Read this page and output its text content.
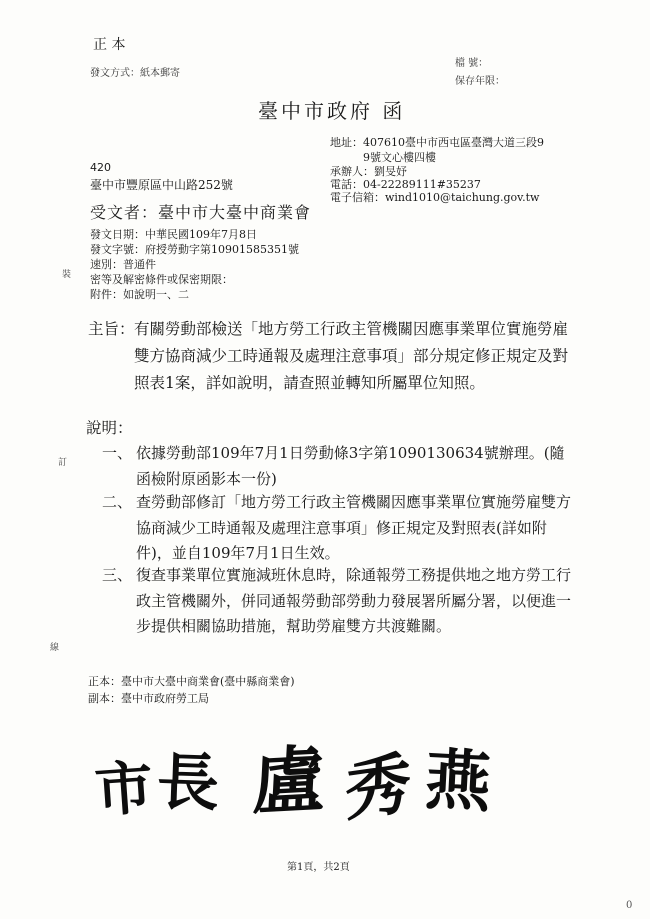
正 本
發文方式：紙本郵寄
檔 號：
保存年限：
臺中市政府 函
地址：407610臺中市西屯區臺灣大道三段9
9號文心樓四樓
承辦人：劉旻妤
電話：04-22289111#35237
電子信箱：wind1010@taichung.gov.tw
420
臺中市豐原區中山路252號
受文者：臺中市大臺中商業會
發文日期：中華民國109年7月8日
發文字號：府授勞動字第10901585351號
速別：普通件
密等及解密條件或保密期限：
附件：如說明一、二
主旨： 有關勞動部檢送「地方勞工行政主管機關因應事業單位實施勞雇雙方協商減少工時通報及處理注意事項」部分規定修正規定及對照表1案，詳如說明，請查照並轉知所屬單位知照。
說明：
一、 依據勞動部109年7月1日勞動條3字第1090130634號辦理。(隨函檢附原函影本一份)
二、 查勞動部修訂「地方勞工行政主管機關因應事業單位實施勞雇雙方協商減少工時通報及處理注意事項」修正規定及對照表(詳如附件)，並自109年7月1日生效。
三、 復查事業單位實施減班休息時，除通報勞工務提供地之地方勞工行政主管機關外，併同通報勞動部勞動力發展署所屬分署，以便進一步提供相關協助措施，幫助勞雇雙方共渡難關。
正本：臺中市大臺中商業會(臺中縣商業會)
副本：臺中市政府勞工局
市 長 盧 秀 燕
第1頁，共2頁
裝
訂
線
0
